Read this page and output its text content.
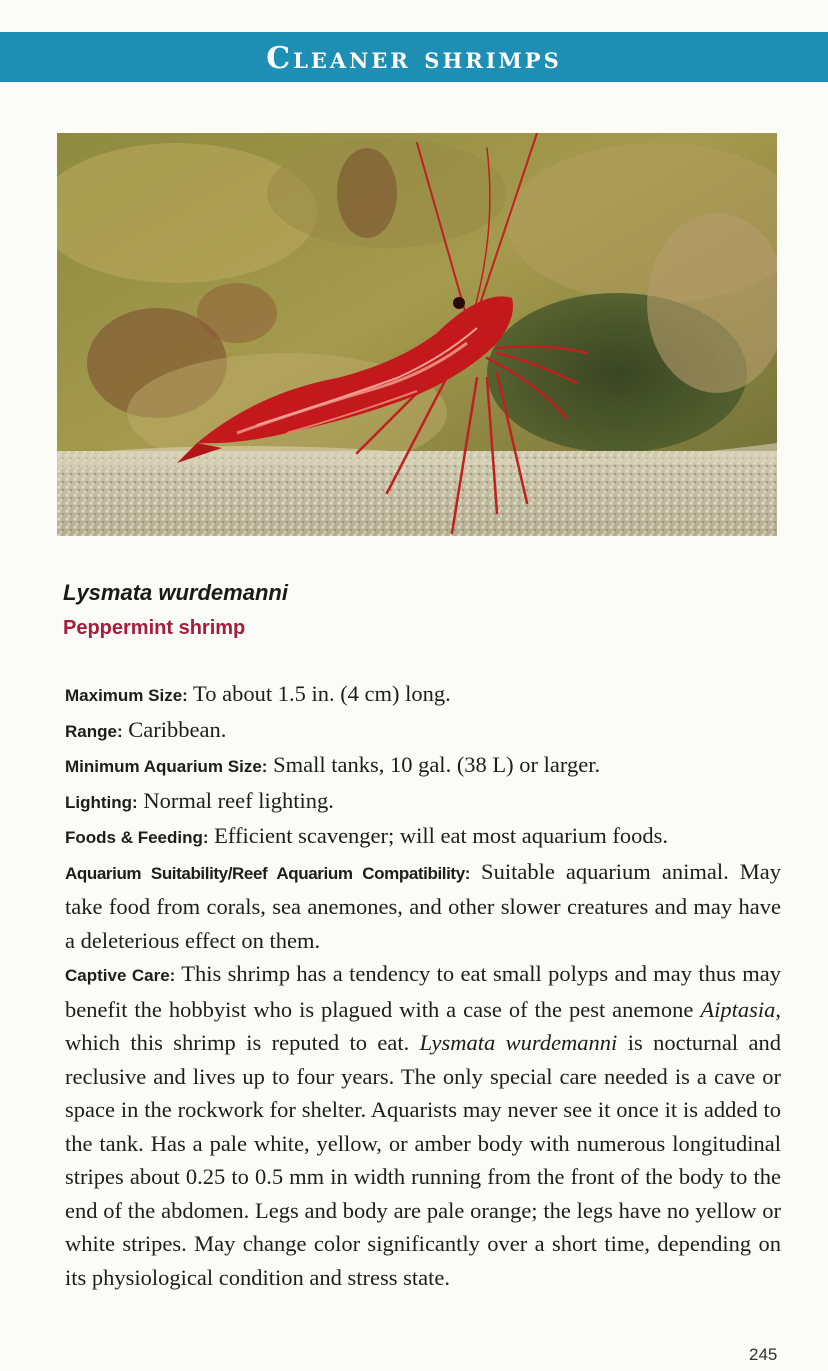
Cleaner shrimps
Lysmata wurdemanni
Peppermint shrimp

Maximum Size: To about 1.5 in. (4 cm) long.

Range: Caribbean.

Minimum Aquarium Size: Small tanks, 10 gal. (38 L) or larger.

Lighting: Normal reef lighting.

Foods & Feeding: Efficient scavenger; will eat most aquarium foods.

Aquarium Suitability/Reef Aquarium Compatibility: Suitable aquarium animal. May take food from corals, sea anemones, and other slower creatures and may have a deleterious effect on them.

Captive Care: This shrimp has a tendency to eat small polyps and may thus may benefit the hobbyist who is plagued with a case of the pest anemone Aiptasia, which this shrimp is reputed to eat. Lysmata wurdemanni is nocturnal and reclusive and lives up to four years. The only special care needed is a cave or space in the rockwork for shelter. Aquarists may never see it once it is added to the tank. Has a pale white, yellow, or amber body with numerous longitudinal stripes about 0.25 to 0.5 mm in width running from the front of the body to the end of the abdomen. Legs and body are pale orange; the legs have no yellow or white stripes. May change color significantly over a short time, depending on its physiological condition and stress state.

245
